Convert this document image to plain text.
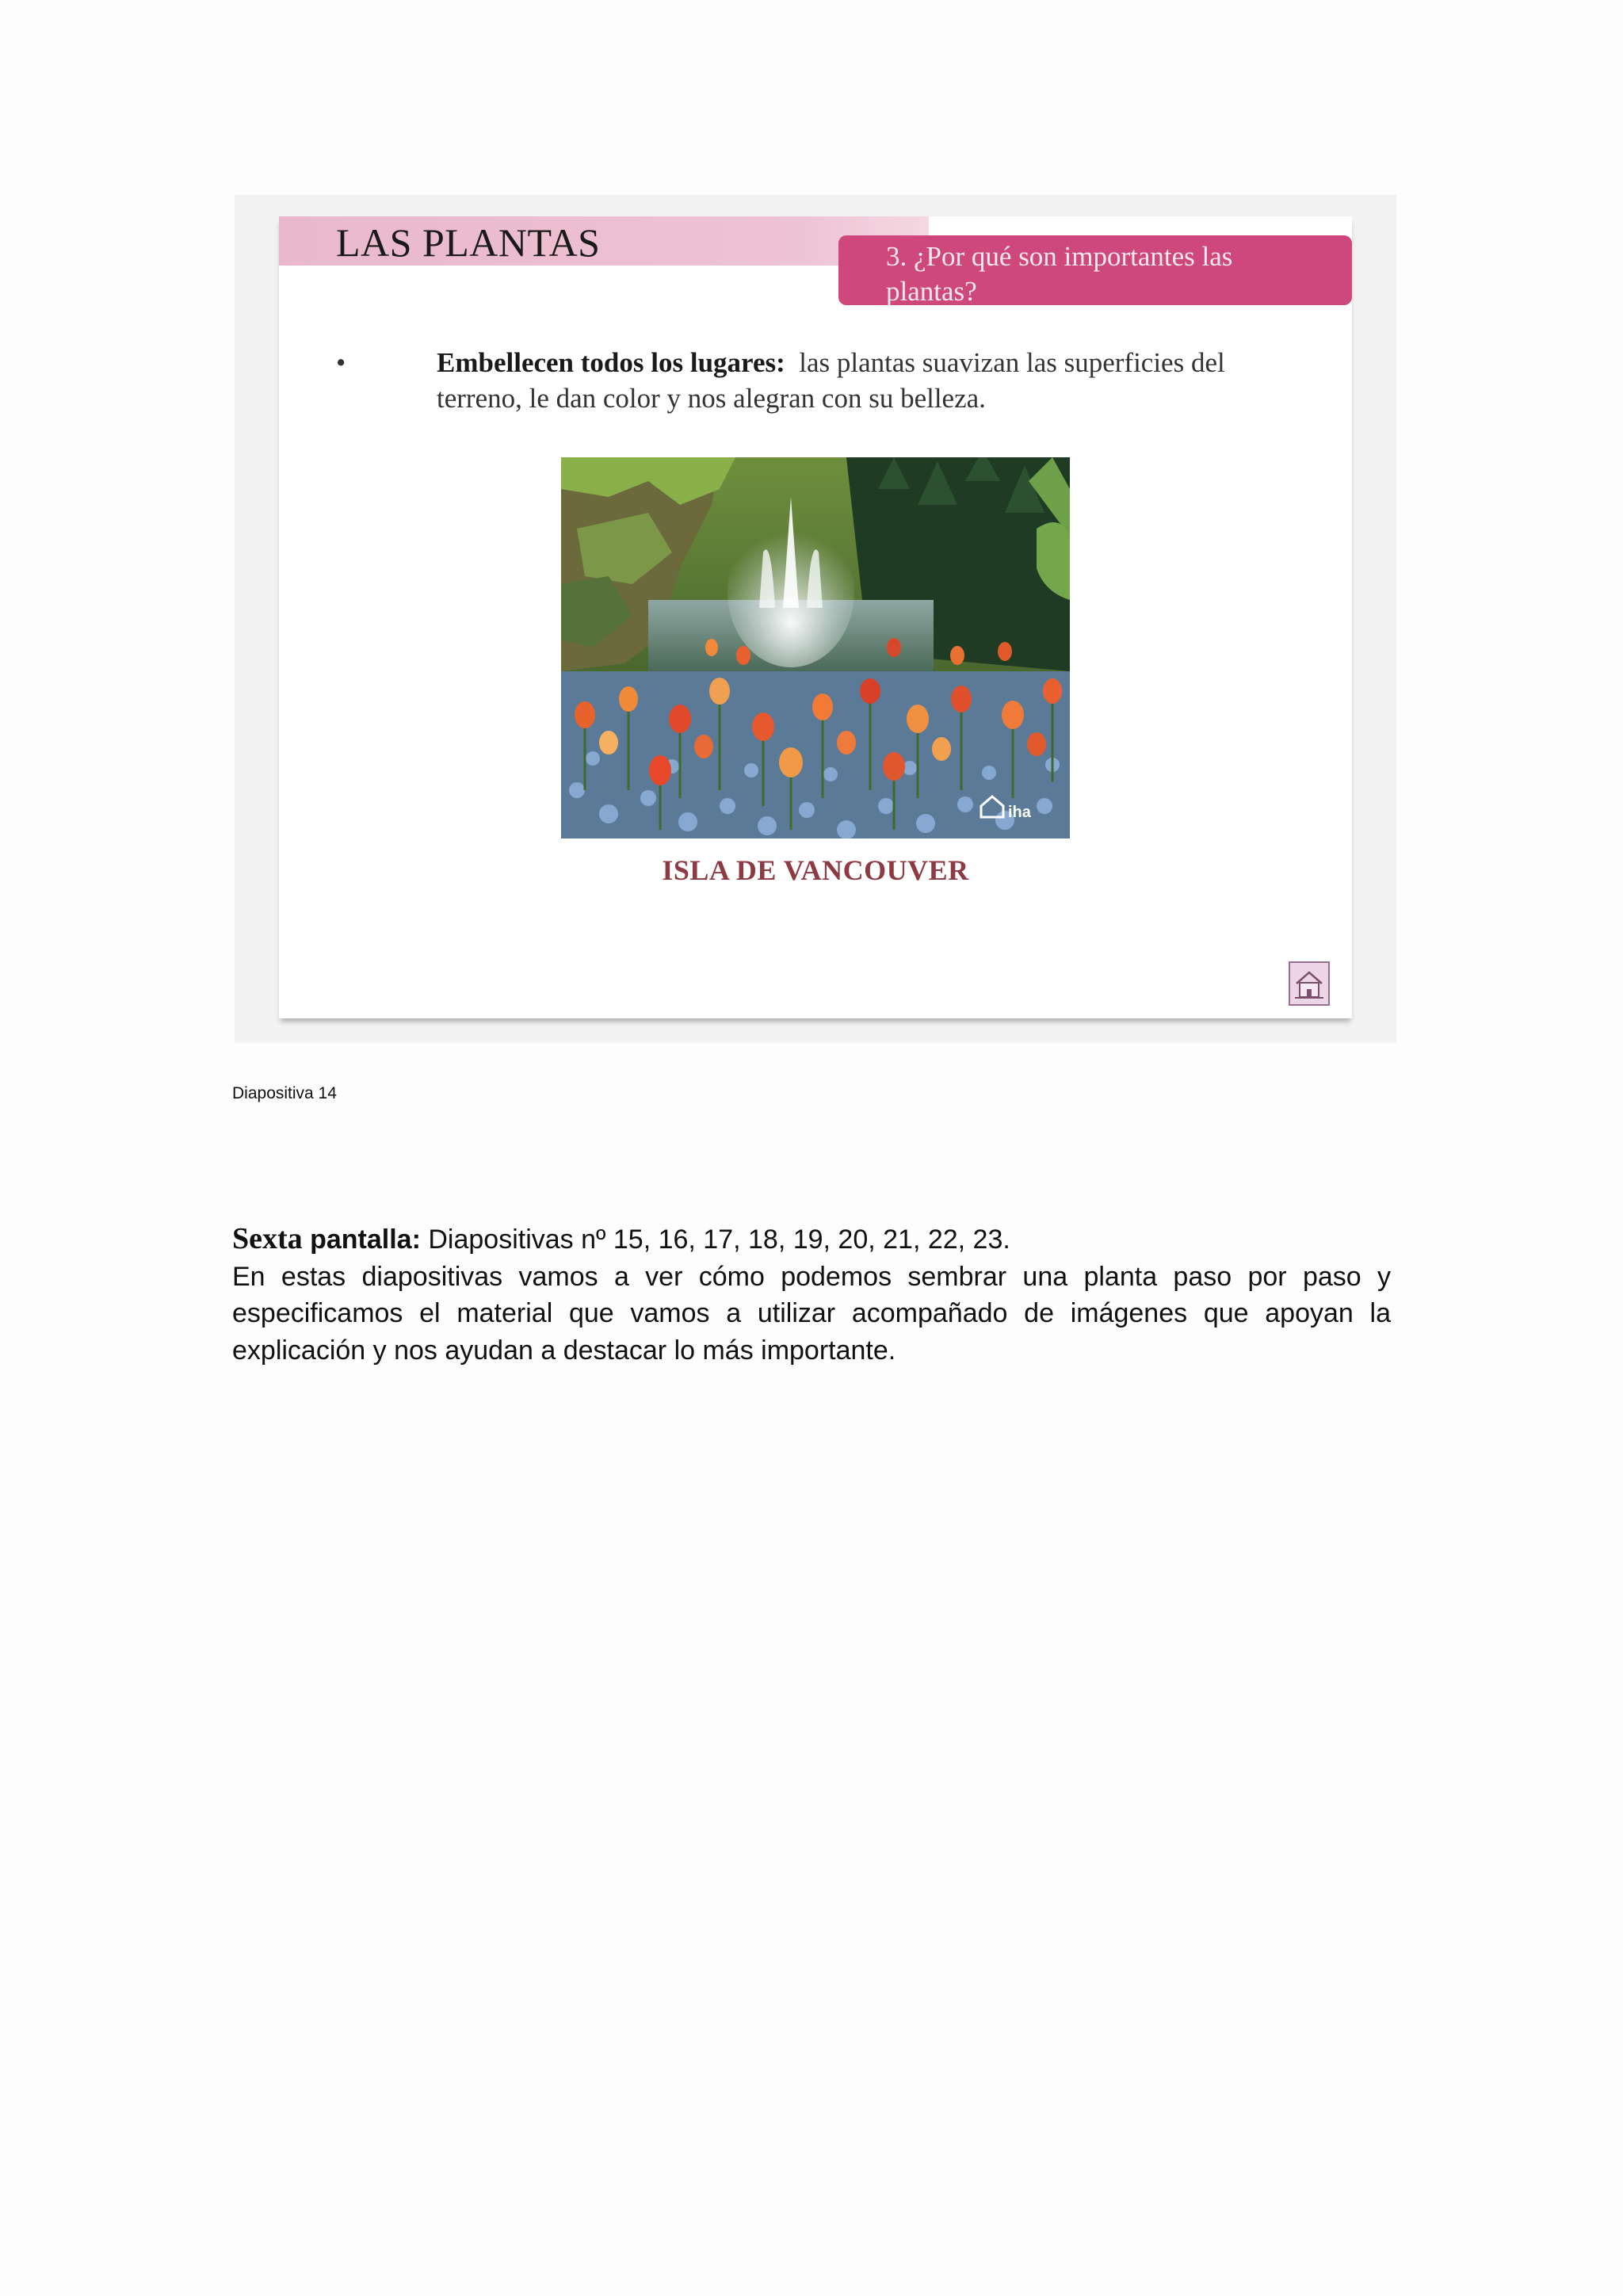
LAS PLANTAS	3. ¿Por qué son importantes las plantas?
•	Embellecen todos los lugares: las plantas suavizan las superficies del terreno, le dan color y nos alegran con su belleza.
iha
ISLA DE VANCOUVER
Diapositiva 14
Sexta pantalla: Diapositivas nº 15, 16, 17, 18, 19, 20, 21, 22, 23.
En estas diapositivas vamos a ver cómo podemos sembrar una planta paso por paso y
especificamos el material que vamos a utilizar acompañado de imágenes que apoyan la
explicación y nos ayudan a destacar lo más importante.
